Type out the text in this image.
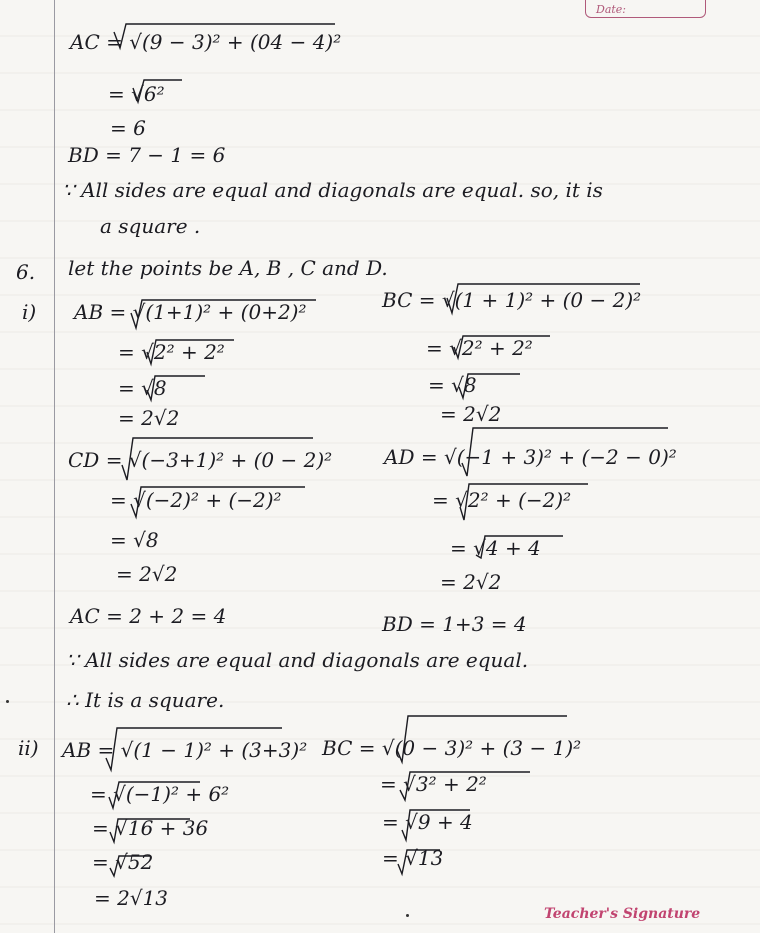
Date:
AC = √(9 − 3)² + (04 − 4)²
= √6²
= 6
BD = 7 − 1 = 6
∵ All sides are equal and diagonals are equal. so, it is
a square .
6. let the points be A, B , C and D.
i) AB = √(1+1)² + (0+2)²
= √2² + 2²
= √8
= 2√2
BC = √(1 + 1)² + (0 − 2)²
= √2² + 2²
= √8
= 2√2
CD = √(−3+1)² + (0 − 2)²
= √(−2)² + (−2)²
= √8
= 2√2
AD = √(−1 + 3)² + (−2 − 0)²
= √2² + (−2)²
= √4 + 4
= 2√2
AC = 2 + 2 = 4	BD = 1+3 = 4
∵ All sides are equal and diagonals are equal.
∴ It is a square.
ii) AB = √(1 − 1)² + (3+3)²
= √(−1)² + 6²
= √16 + 36
= √52
= 2√13
BC = √(0 − 3)² + (3 − 1)²
= √3² + 2²
= √9 + 4
= √13
Teacher's Signature
